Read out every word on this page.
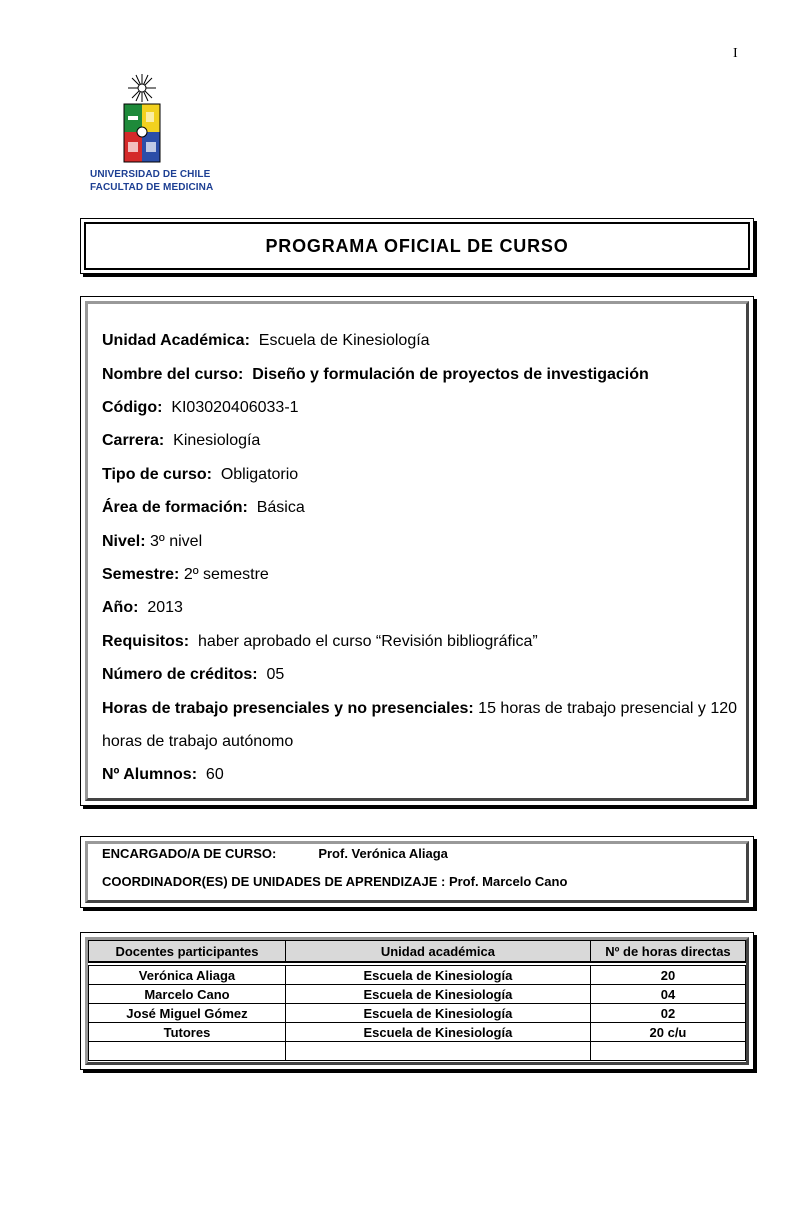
I
UNIVERSIDAD DE CHILE
FACULTAD DE MEDICINA
PROGRAMA OFICIAL DE CURSO
Unidad Académica: Escuela de Kinesiología
Nombre del curso: Diseño y formulación de proyectos de investigación
Código: KI03020406033-1
Carrera: Kinesiología
Tipo de curso: Obligatorio
Área de formación: Básica
Nivel: 3º nivel
Semestre: 2º semestre
Año: 2013
Requisitos: haber aprobado el curso “Revisión bibliográfica”
Número de créditos: 05
Horas de trabajo presenciales y no presenciales: 15 horas de trabajo presencial y 120
horas de trabajo autónomo
Nº Alumnos: 60
ENCARGADO/A DE CURSO:	Prof. Verónica Aliaga
COORDINADOR(ES) DE UNIDADES DE APRENDIZAJE : Prof. Marcelo Cano
Docentes participantes	Unidad académica	Nº de horas directas

Verónica Aliaga	Escuela de Kinesiología	20
Marcelo Cano	Escuela de Kinesiología	04
José Miguel Gómez	Escuela de Kinesiología	02
Tutores	Escuela de Kinesiología	20 c/u
